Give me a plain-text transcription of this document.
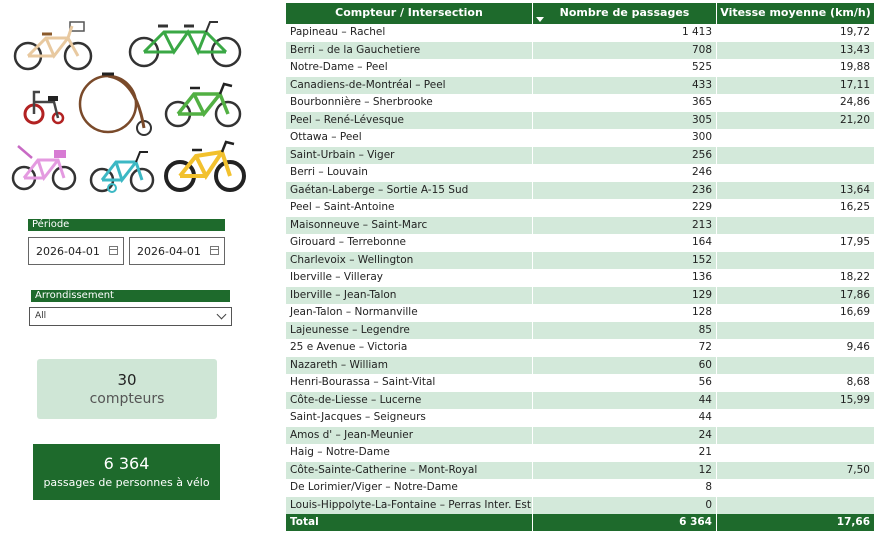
Période
2026-04-01	2026-04-01
Arrondissement
All
30
compteurs
6 364
passages de personnes à vélo
Compteur / Intersection	Nombre de passages	Vitesse moyenne (km/h)
Papineau – Rachel	1 413	19,72
Berri – de la Gauchetiere	708	13,43
Notre-Dame – Peel	525	19,88
Canadiens-de-Montréal – Peel	433	17,11
Bourbonnière – Sherbrooke	365	24,86
Peel – René-Lévesque	305	21,20
Ottawa – Peel	300
Saint-Urbain – Viger	256
Berri – Louvain	246
Gaétan-Laberge – Sortie A-15 Sud	236	13,64
Peel – Saint-Antoine	229	16,25
Maisonneuve – Saint-Marc	213
Girouard – Terrebonne	164	17,95
Charlevoix – Wellington	152
Iberville – Villeray	136	18,22
Iberville – Jean-Talon	129	17,86
Jean-Talon – Normanville	128	16,69
Lajeunesse – Legendre	85
25 e Avenue – Victoria	72	9,46
Nazareth – William	60
Henri-Bourassa – Saint-Vital	56	8,68
Côte-de-Liesse – Lucerne	44	15,99
Saint-Jacques – Seigneurs	44
Amos d' – Jean-Meunier	24
Haig – Notre-Dame	21
Côte-Sainte-Catherine – Mont-Royal	12	7,50
De Lorimier/Viger – Notre-Dame	8
Louis-Hippolyte-La-Fontaine – Perras Inter. Est	0
Total	6 364	17,66
